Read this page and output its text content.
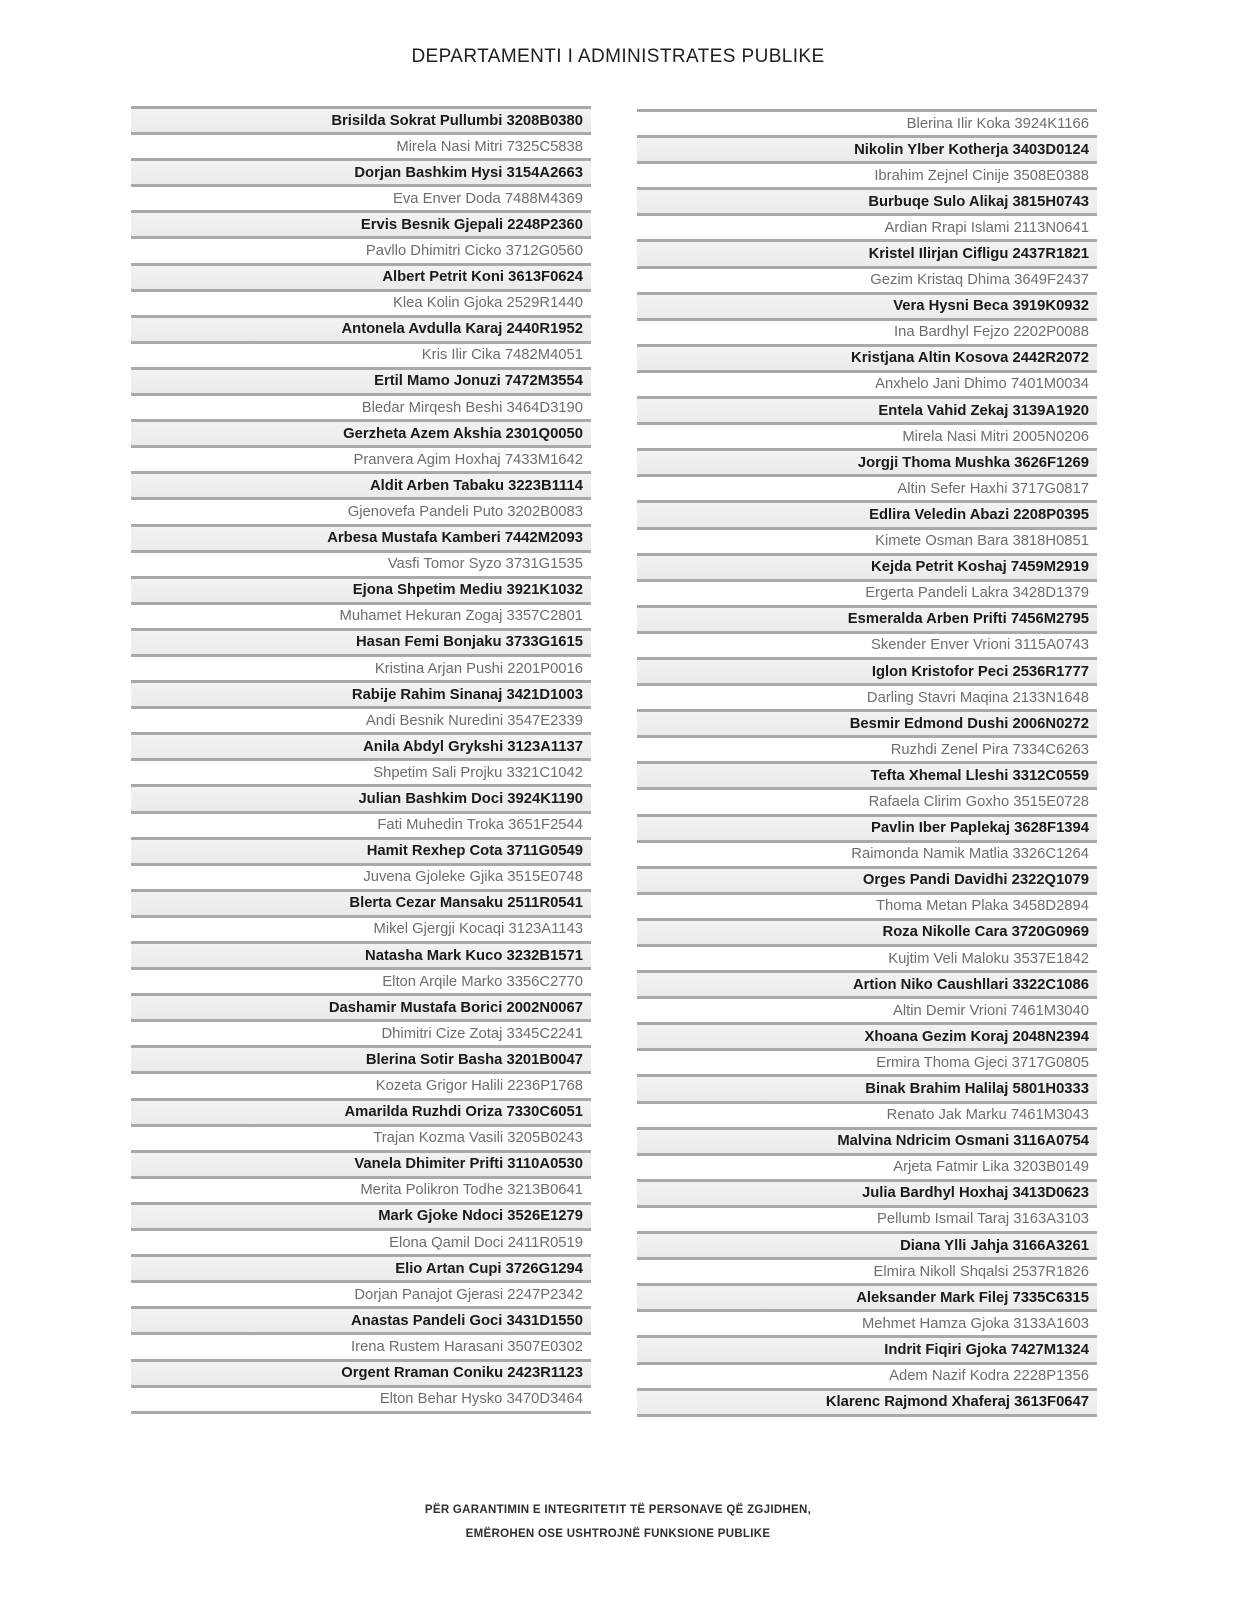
DEPARTAMENTI I ADMINISTRATES PUBLIKE
Brisilda Sokrat Pullumbi 3208B0380
Mirela Nasi Mitri 7325C5838
Dorjan Bashkim Hysi 3154A2663
Eva Enver Doda 7488M4369
Ervis Besnik Gjepali 2248P2360
Pavllo Dhimitri Cicko 3712G0560
Albert Petrit Koni 3613F0624
Klea Kolin Gjoka 2529R1440
Antonela Avdulla Karaj 2440R1952
Kris Ilir Cika 7482M4051
Ertil Mamo Jonuzi 7472M3554
Bledar Mirqesh Beshi 3464D3190
Gerzheta Azem Akshia 2301Q0050
Pranvera Agim Hoxhaj 7433M1642
Aldit Arben Tabaku 3223B1114
Gjenovefa Pandeli Puto 3202B0083
Arbesa Mustafa Kamberi 7442M2093
Vasfi Tomor Syzo 3731G1535
Ejona Shpetim Mediu 3921K1032
Muhamet Hekuran Zogaj 3357C2801
Hasan Femi Bonjaku 3733G1615
Kristina Arjan Pushi 2201P0016
Rabije Rahim Sinanaj 3421D1003
Andi Besnik Nuredini 3547E2339
Anila Abdyl Grykshi 3123A1137
Shpetim Sali Projku 3321C1042
Julian Bashkim Doci 3924K1190
Fati Muhedin Troka 3651F2544
Hamit Rexhep Cota 3711G0549
Juvena Gjoleke Gjika 3515E0748
Blerta Cezar Mansaku 2511R0541
Mikel Gjergji Kocaqi 3123A1143
Natasha Mark Kuco 3232B1571
Elton Arqile Marko 3356C2770
Dashamir Mustafa Borici 2002N0067
Dhimitri Cize Zotaj 3345C2241
Blerina Sotir Basha 3201B0047
Kozeta Grigor Halili 2236P1768
Amarilda Ruzhdi Oriza 7330C6051
Trajan Kozma Vasili 3205B0243
Vanela Dhimiter Prifti 3110A0530
Merita Polikron Todhe 3213B0641
Mark Gjoke Ndoci 3526E1279
Elona Qamil Doci 2411R0519
Elio Artan Cupi 3726G1294
Dorjan Panajot Gjerasi 2247P2342
Anastas Pandeli Goci 3431D1550
Irena Rustem Harasani 3507E0302
Orgent Rraman Coniku 2423R1123
Elton Behar Hysko 3470D3464
Blerina Ilir Koka 3924K1166
Nikolin Ylber Kotherja 3403D0124
Ibrahim Zejnel Cinije 3508E0388
Burbuqe Sulo Alikaj 3815H0743
Ardian Rrapi Islami 2113N0641
Kristel Ilirjan Cifligu 2437R1821
Gezim Kristaq Dhima 3649F2437
Vera Hysni Beca 3919K0932
Ina Bardhyl Fejzo 2202P0088
Kristjana Altin Kosova 2442R2072
Anxhelo Jani Dhimo 7401M0034
Entela Vahid Zekaj 3139A1920
Mirela Nasi Mitri 2005N0206
Jorgji Thoma Mushka 3626F1269
Altin Sefer Haxhi 3717G0817
Edlira Veledin Abazi 2208P0395
Kimete Osman Bara 3818H0851
Kejda Petrit Koshaj 7459M2919
Ergerta Pandeli Lakra 3428D1379
Esmeralda Arben Prifti 7456M2795
Skender Enver Vrioni 3115A0743
Iglon Kristofor Peci 2536R1777
Darling Stavri Maqina 2133N1648
Besmir Edmond Dushi 2006N0272
Ruzhdi Zenel Pira 7334C6263
Tefta Xhemal Lleshi 3312C0559
Rafaela Clirim Goxho 3515E0728
Pavlin Iber Paplekaj 3628F1394
Raimonda Namik Matlia 3326C1264
Orges Pandi Davidhi 2322Q1079
Thoma Metan Plaka 3458D2894
Roza Nikolle Cara 3720G0969
Kujtim Veli Maloku 3537E1842
Artion Niko Caushllari 3322C1086
Altin Demir Vrioni 7461M3040
Xhoana Gezim Koraj 2048N2394
Ermira Thoma Gjeci 3717G0805
Binak Brahim Halilaj 5801H0333
Renato Jak Marku 7461M3043
Malvina Ndricim Osmani 3116A0754
Arjeta Fatmir Lika 3203B0149
Julia Bardhyl Hoxhaj 3413D0623
Pellumb Ismail Taraj 3163A3103
Diana Ylli Jahja 3166A3261
Elmira Nikoll Shqalsi 2537R1826
Aleksander Mark Filej 7335C6315
Mehmet Hamza Gjoka 3133A1603
Indrit Fiqiri Gjoka 7427M1324
Adem Nazif Kodra 2228P1356
Klarenc Rajmond Xhaferaj 3613F0647
PËR GARANTIMIN E INTEGRITETIT TË PERSONAVE QË ZGJIDHEN,
EMËROHEN OSE USHTROJNË FUNKSIONE PUBLIKE
